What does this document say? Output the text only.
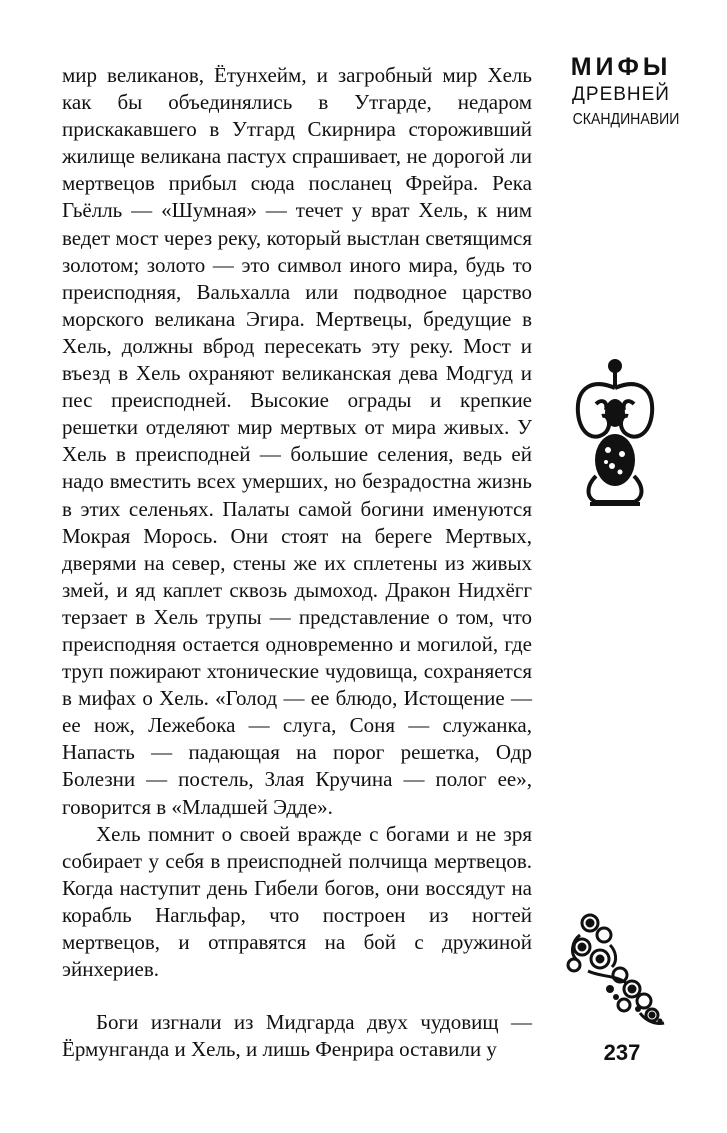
МИФЫ
ДРЕВНЕЙ
СКАНДИНАВИИ

мир великанов, Ётунхейм, и загробный мир Хель как бы объединялись в Утгарде, недаром прискакавшего в Утгард Скирнира стороживший жилище великана пастух спрашивает, не дорогой ли мертвецов прибыл сюда посланец Фрейра. Река Гьёлль — «Шумная» — течет у врат Хель, к ним ведет мост через реку, который выстлан светящимся золотом; золото — это символ иного мира, будь то преисподняя, Вальхалла или подводное царство морского великана Эгира. Мертвецы, бредущие в Хель, должны вброд пересекать эту реку. Мост и въезд в Хель охраняют великанская дева Модгуд и пес преисподней. Высокие ограды и крепкие решетки отделяют мир мертвых от мира живых. У Хель в преисподней — большие селения, ведь ей надо вместить всех умерших, но безрадостна жизнь в этих селеньях. Палаты самой богини именуются Мокрая Морось. Они стоят на берегe Мертвых, дверями на север, стены же их сплетены из живых змей, и яд каплет сквозь дымоход. Дракон Нидхёгг терзает в Хель трупы — представление о том, что преисподняя остается одновременно и могилой, где труп пожирают хтонические чудовища, сохраняется в мифах о Хель. «Голод — ее блюдо, Истощение — ее нож, Лежебока — слуга, Соня — служанка, Напасть — падающая на порог решетка, Одр Болезни — постель, Злая Кручина — полог ее», говорится в «Младшей Эдде».

Хель помнит о своей вражде с богами и не зря собирает у себя в преисподней полчища мертвецов. Когда наступит день Гибели богов, они воссядут на корабль Нагльфар, что построен из ногтей мертвецов, и отправятся на бой с дружиной эйнхериев.

Боги изгнали из Мидгарда двух чудовищ — Ёрмунганда и Хель, и лишь Фенрира оставили у	237
